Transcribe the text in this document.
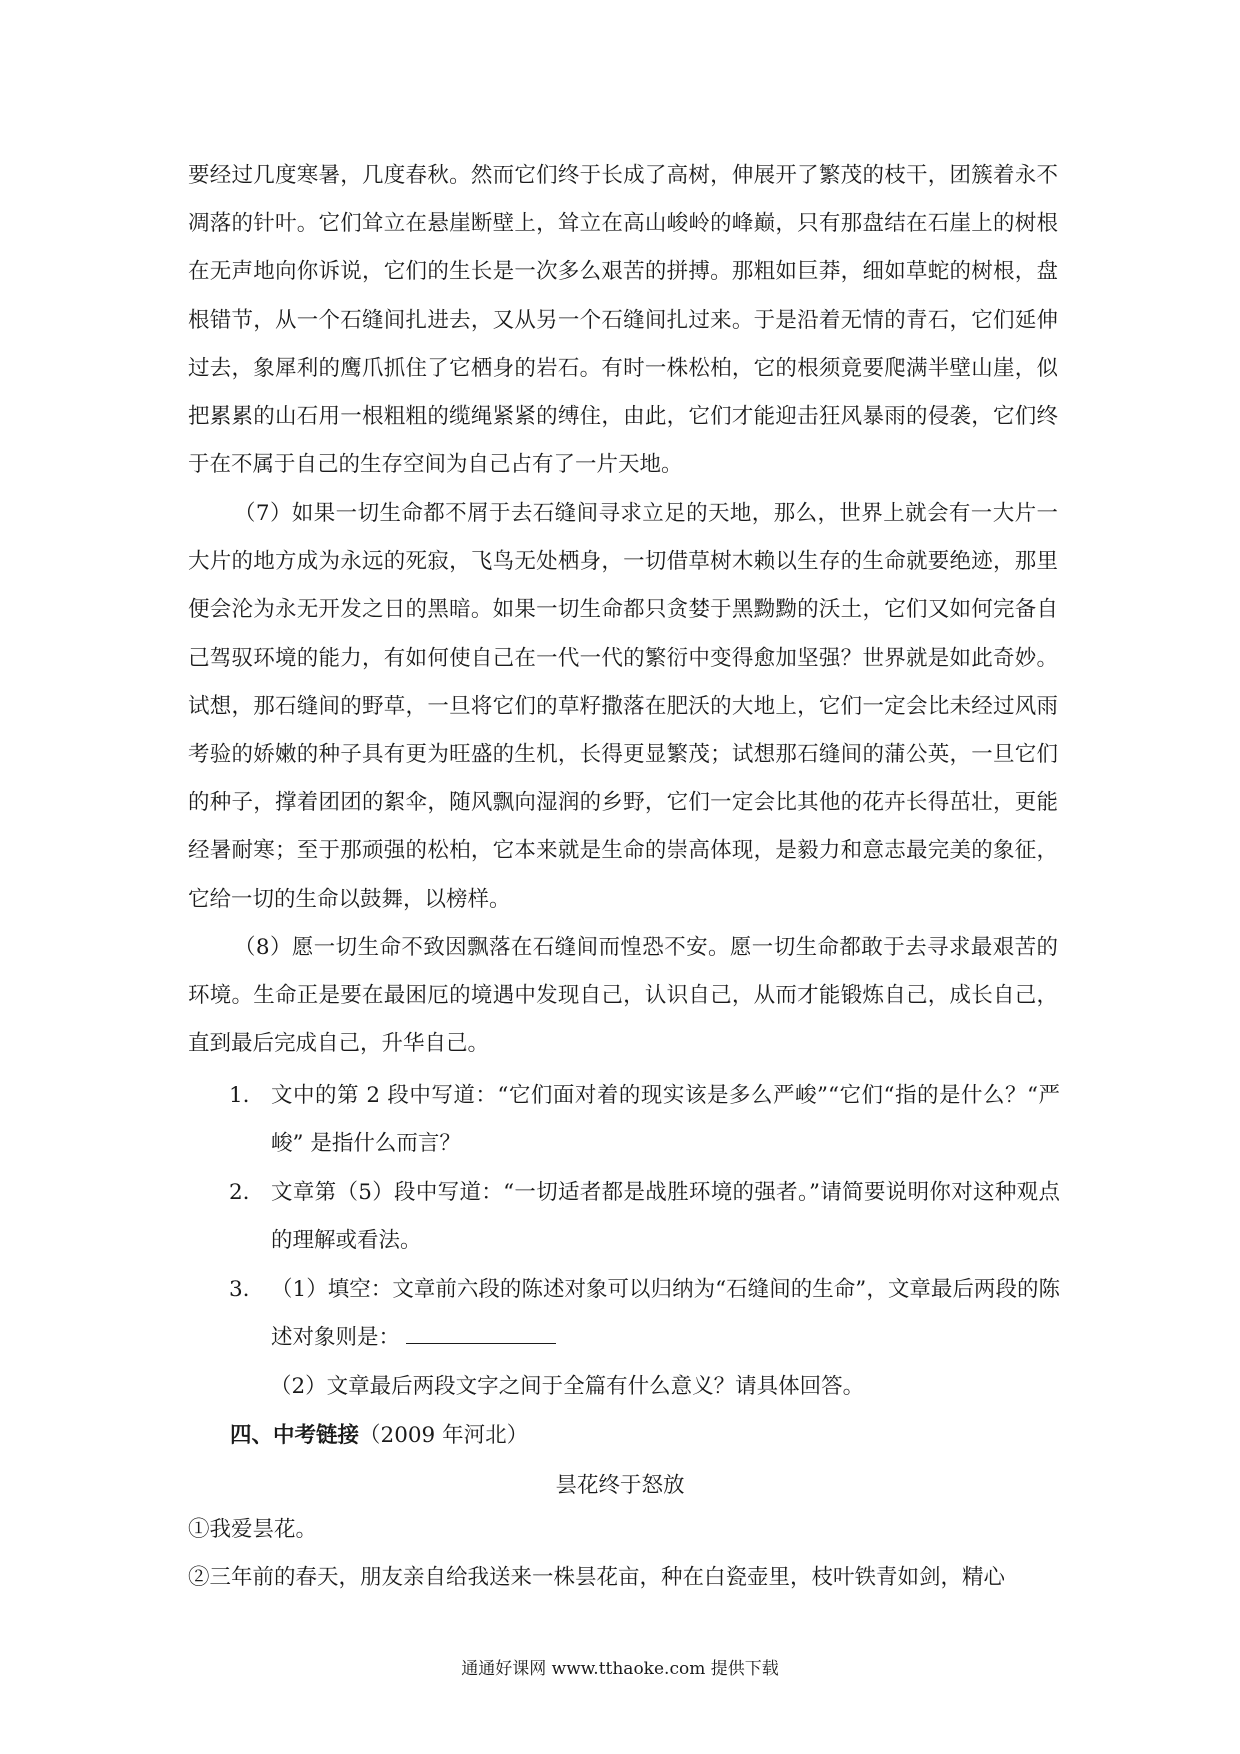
要经过几度寒暑，几度春秋。然而它们终于长成了高树，伸展开了繁茂的枝干，团簇着永不凋落的针叶。它们耸立在悬崖断壁上，耸立在高山峻岭的峰巅，只有那盘结在石崖上的树根在无声地向你诉说，它们的生长是一次多么艰苦的拼搏。那粗如巨莽，细如草蛇的树根，盘根错节，从一个石缝间扎进去，又从另一个石缝间扎过来。于是沿着无情的青石，它们延伸过去，象犀利的鹰爪抓住了它栖身的岩石。有时一株松柏，它的根须竟要爬满半壁山崖，似把累累的山石用一根粗粗的缆绳紧紧的缚住，由此，它们才能迎击狂风暴雨的侵袭，它们终于在不属于自己的生存空间为自己占有了一片天地。

（7）如果一切生命都不屑于去石缝间寻求立足的天地，那么，世界上就会有一大片一大片的地方成为永远的死寂，飞鸟无处栖身，一切借草树木赖以生存的生命就要绝迹，那里便会沦为永无开发之日的黑暗。如果一切生命都只贪婪于黑黝黝的沃土，它们又如何完备自己驾驭环境的能力，有如何使自己在一代一代的繁衍中变得愈加坚强？世界就是如此奇妙。试想，那石缝间的野草，一旦将它们的草籽撒落在肥沃的大地上，它们一定会比未经过风雨考验的娇嫩的种子具有更为旺盛的生机，长得更显繁茂；试想那石缝间的蒲公英，一旦它们的种子，撑着团团的絮伞，随风飘向湿润的乡野，它们一定会比其他的花卉长得茁壮，更能经暑耐寒；至于那顽强的松柏，它本来就是生命的崇高体现，是毅力和意志最完美的象征，它给一切的生命以鼓舞，以榜样。

（8）愿一切生命不致因飘落在石缝间而惶恐不安。愿一切生命都敢于去寻求最艰苦的环境。生命正是要在最困厄的境遇中发现自己，认识自己，从而才能锻炼自己，成长自己，直到最后完成自己，升华自己。

1. 文中的第 2 段中写道：“它们面对着的现实该是多么严峻”“它们“指的是什么？“严峻” 是指什么而言？
2. 文章第（5）段中写道：“一切适者都是战胜环境的强者。”请简要说明你对这种观点的理解或看法。
3. （1）填空：文章前六段的陈述对象可以归纳为“石缝间的生命”，文章最后两段的陈述对象则是：

（2）文章最后两段文字之间于全篇有什么意义？请具体回答。

四、中考链接（2009 年河北）

昙花终于怒放

①我爱昙花。

②三年前的春天，朋友亲自给我送来一株昙花亩，种在白瓷壶里，枝叶铁青如剑，精心

通通好课网 www.tthaoke.com 提供下载
